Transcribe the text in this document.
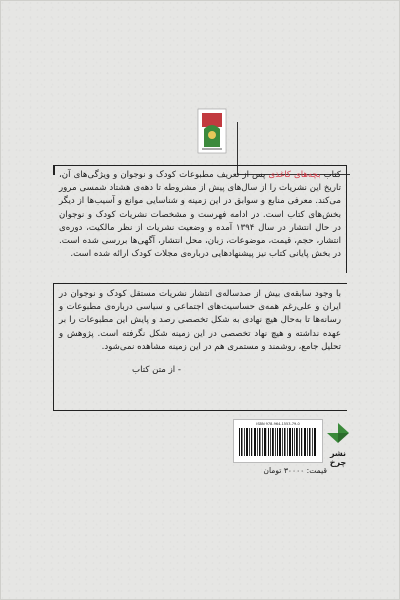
کتاب بچه‌های کاغذی پس از تعریف مطبوعات کودک و نوجوان و ویژگی‌های آن، تاریخ این نشریات را از سال‌های پیش از مشروطه تا دهه‌ی هشتاد شمسی مرور می‌کند. معرفی منابع و سوابق در این زمینه و شناسایی موانع و آسیب‌ها از دیگر بخش‌های کتاب است. در ادامه فهرست و مشخصات نشریات کودک و نوجوان در حال انتشار در سال ۱۳۹۴ آمده و وضعیت نشریات از نظر مالکیت، دوره‌ی انتشار، حجم، قیمت، موضوعات، زبان، محل انتشار، آگهی‌ها بررسی شده است. در بخش پایانی کتاب نیز پیشنهادهایی درباره‌ی مجلات کودک ارائه شده است.
با وجود سابقه‌ی بیش از صدساله‌ی انتشار نشریات مستقل کودک و نوجوان در ایران و علی‌رغم همه‌ی حساسیت‌های اجتماعی و سیاسی درباره‌ی مطبوعات و رسانه‌ها تا به‌حال هیچ نهادی به شکل تخصصی رصد و پایش این مطبوعات را بر عهده نداشته و هیچ نهاد تخصصی در این زمینه شکل نگرفته است. پژوهش و تحلیل جامع، روشمند و مستمری هم در این زمینه مشاهده نمی‌شود.
- از متن کتاب
ISBN 978-964-1553-79-0
قیمت: ۳۰۰۰۰ تومان
نشر چرخ
